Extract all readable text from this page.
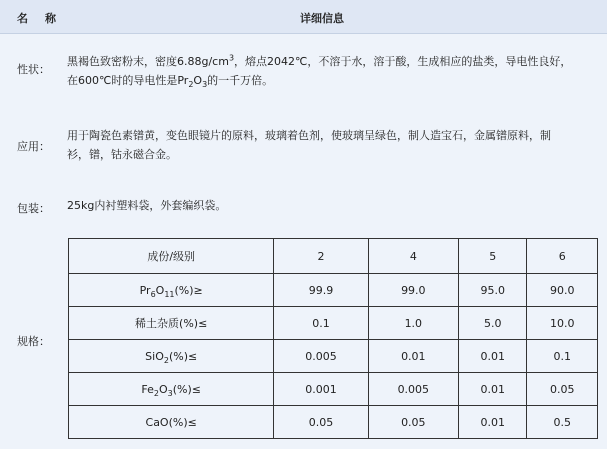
名 称	详细信息
性状：
黑褐色致密粉末，密度$6.88g/cm^3$，熔点2042℃，不溶于水，溶于酸，生成相应的盐类，导电性良好，
在600℃时的导电性是$Pr_2O_3$的一千万倍。
应用：
用于陶瓷色素镨黄，变色眼镜片的原料，玻璃着色剂，使玻璃呈绿色，制人造宝石，金属镨原料，制
衫，镨，钴永磁合金。
包装： 25kg内衬塑料袋，外套编织袋。
规格：
成份/级别	2	4	5	6
$Pr_6O_{11}(\%)\ge$	99.9	99.0	95.0	90.0
稀土杂质(%)≤	0.1	1.0	5.0	10.0
SiO$_2$(%)≤	0.005	0.01	0.01	0.1
$Fe_2O_3(\%)\le$	0.001	0.005	0.01	0.05
CaO(%)≤	0.05	0.05	0.01	0.5
